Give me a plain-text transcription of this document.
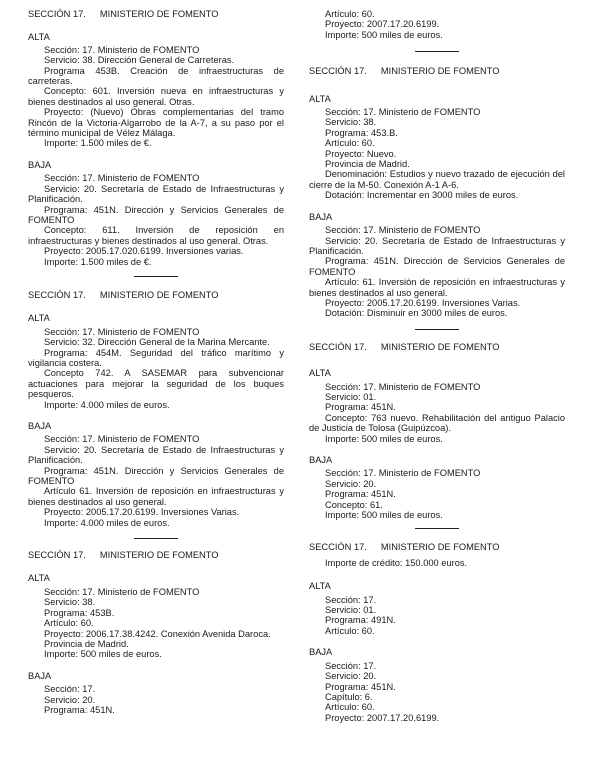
SECCIÓN 17. MINISTERIO DE FOMENTO
ALTA
Sección: 17. Ministerio de FOMENTO
Servicio: 38. Dirección General de Carreteras.
Programa 453B. Creación de infraestructuras de carreteras.
Concepto: 601. Inversión nueva en infraestructuras y bienes destinados al uso general. Otras.
Proyecto: (Nuevo) Obras complementarias del tramo Rincón de la Victoria-Algarrobo de la A-7, a su paso por el término municipal de Vélez Málaga.
Importe: 1.500 miles de €.
BAJA
Sección: 17. Ministerio de FOMENTO
Servicio: 20. Secretaría de Estado de Infraestructuras y Planificación.
Programa: 451N. Dirección y Servicios Generales de FOMENTO
Concepto: 611. Inversión de reposición en infraestructuras y bienes destinados al uso general. Otras.
Proyecto: 2005.17.020.6199. Inversiones varias.
Importe: 1.500 miles de €.
SECCIÓN 17. MINISTERIO DE FOMENTO
ALTA
Sección: 17. Ministerio de FOMENTO
Servicio: 32. Dirección General de la Marina Mercante.
Programa: 454M. Seguridad del tráfico marítimo y vigilancia costera.
Concepto 742. A SASEMAR para subvencionar actuaciones para mejorar la seguridad de los buques pesqueros.
Importe: 4.000 miles de euros.
BAJA
Sección: 17. Ministerio de FOMENTO
Servicio: 20. Secretaría de Estado de Infraestructuras y Planificación.
Programa: 451N. Dirección y Servicios Generales de FOMENTO
Artículo 61. Inversión de reposición en infraestructuras y bienes destinados al uso general.
Proyecto: 2005.17.20.6199. Inversiones Varias.
Importe: 4.000 miles de euros.
SECCIÓN 17. MINISTERIO DE FOMENTO
ALTA
Sección: 17. Ministerio de FOMENTO
Servicio: 38.
Programa: 453B.
Artículo: 60.
Proyecto: 2006.17.38.4242. Conexión Avenida Daroca.
Provincia de Madrid.
Importe: 500 miles de euros.
BAJA
Sección: 17.
Servicio: 20.
Programa: 451N.
Artículo: 60.
Proyecto: 2007.17.20.6199.
Importe: 500 miles de euros.
SECCIÓN 17. MINISTERIO DE FOMENTO
ALTA
Sección: 17. Ministerio de FOMENTO
Servicio: 38.
Programa: 453.B.
Artículo: 60.
Proyecto: Nuevo.
Provincia de Madrid.
Denominación: Estudios y nuevo trazado de ejecución del cierre de la M-50. Conexión A-1 A-6.
Dotación: Incrementar en 3000 miles de euros.
BAJA
Sección: 17. Ministerio de FOMENTO
Servicio: 20. Secretaría de Estado de Infraestructuras y Planificación.
Programa: 451N. Dirección de Servicios Generales de FOMENTO
Artículo: 61. Inversión de reposición en infraestructuras y bienes destinados al uso general.
Proyecto: 2005.17.20.6199. Inversiones Varias.
Dotación: Disminuir en 3000 miles de euros.
SECCIÓN 17. MINISTERIO DE FOMENTO
ALTA
Sección: 17. Ministerio de FOMENTO
Servicio: 01.
Programa: 451N.
Concepto: 763 nuevo. Rehabilitación del antiguo Palacio de Justicia de Tolosa (Guipúzcoa).
Importe: 500 miles de euros.
BAJA
Sección: 17. Ministerio de FOMENTO
Servicio: 20.
Programa: 451N.
Concepto: 61.
Importe: 500 miles de euros.
SECCIÓN 17. MINISTERIO DE FOMENTO
Importe de crédito: 150.000 euros.
ALTA
Sección: 17.
Servicio: 01.
Programa: 491N.
Artículo: 60.
BAJA
Sección: 17.
Servicio: 20.
Programa: 451N.
Capítulo: 6.
Artículo: 60.
Proyecto: 2007.17.20.6199.
